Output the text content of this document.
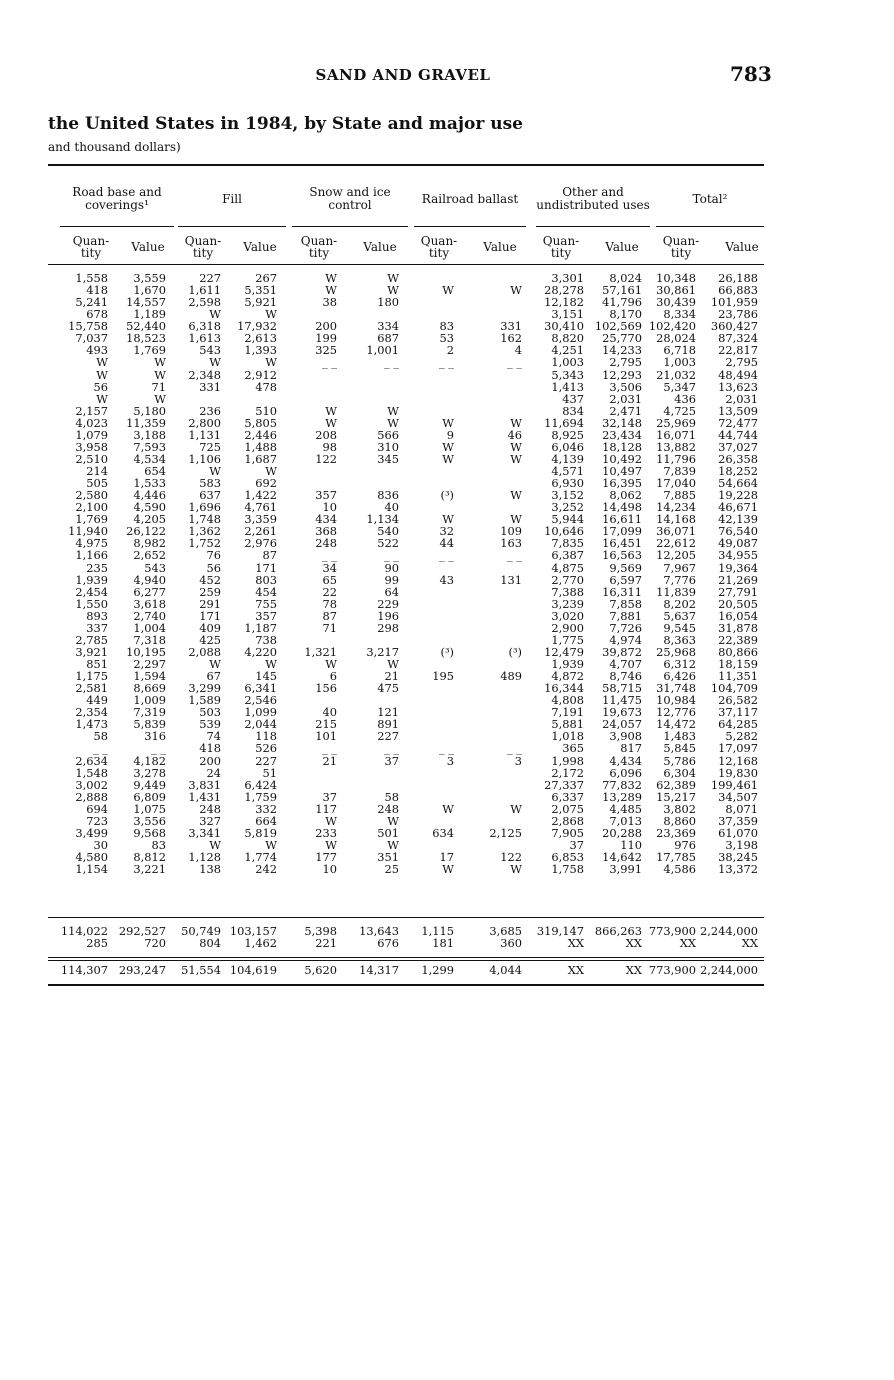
SAND AND GRAVEL	783
the United States in 1984, by State and major use
and thousand dollars)
Road base and coverings¹	Fill	Snow and ice control	Railroad ballast	Other and undistributed uses	Total²
Quan-tity	Value	Quan-tity	Value	Quan-tity	Value	Quan-tity	Value	Quan-tity	Value	Quan-tity	Value
1,558	3,559	227	267	W	W	_ _	_ _	3,301	8,024	10,348	26,188
418	1,670	1,611	5,351	W	W	W	W	28,278	57,161	30,861	66,883
5,241	14,557	2,598	5,921	38	180	_ _	_ _	12,182	41,796	30,439	101,959
678	1,189	W	W	_ _	_ _	_ _	_ _	3,151	8,170	8,334	23,786
15,758	52,440	6,318	17,932	200	334	83	331	30,410	102,569	102,420	360,427
7,037	18,523	1,613	2,613	199	687	53	162	8,820	25,770	28,024	87,324
493	1,769	543	1,393	325	1,001	2	4	4,251	14,233	6,718	22,817
W	W	W	W	_ _	_ _	_ _	_ _	1,003	2,795	1,003	2,795
W	W	2,348	2,912	_ _	_ _	_ _	_ _	5,343	12,293	21,032	48,494
56	71	331	478	_ _	_ _	_ _	_ _	1,413	3,506	5,347	13,623
W	W	_ _	_ _	_ _	_ _	_ _	_ _	437	2,031	436	2,031
2,157	5,180	236	510	W	W	_ _	_ _	834	2,471	4,725	13,509
4,023	11,359	2,800	5,805	W	W	W	W	11,694	32,148	25,969	72,477
1,079	3,188	1,131	2,446	208	566	9	46	8,925	23,434	16,071	44,744
3,958	7,593	725	1,488	98	310	W	W	6,046	18,128	13,882	37,027
2,510	4,534	1,106	1,687	122	345	W	W	4,139	10,492	11,796	26,358
214	654	W	W	_ _	_ _	_ _	_ _	4,571	10,497	7,839	18,252
505	1,533	583	692	_ _	_ _	_ _	_ _	6,930	16,395	17,040	54,664
2,580	4,446	637	1,422	357	836	(³)	W	3,152	8,062	7,885	19,228
2,100	4,590	1,696	4,761	10	40	_ _	_ _	3,252	14,498	14,234	46,671
1,769	4,205	1,748	3,359	434	1,134	W	W	5,944	16,611	14,168	42,139
11,940	26,122	1,362	2,261	368	540	32	109	10,646	17,099	36,071	76,540
4,975	8,982	1,752	2,976	248	522	44	163	7,835	16,451	22,612	49,087
1,166	2,652	76	87	_ _	_ _	_ _	_ _	6,387	16,563	12,205	34,955
235	543	56	171	34	90	_ _	_ _	4,875	9,569	7,967	19,364
1,939	4,940	452	803	65	99	43	131	2,770	6,597	7,776	21,269
2,454	6,277	259	454	22	64	_ _	_ _	7,388	16,311	11,839	27,791
1,550	3,618	291	755	78	229	_ _	_ _	3,239	7,858	8,202	20,505
893	2,740	171	357	87	196	_ _	_ _	3,020	7,881	5,637	16,054
337	1,004	409	1,187	71	298	_ _	_ _	2,900	7,726	9,545	31,878
2,785	7,318	425	738	_ _	_ _	_ _	_ _	1,775	4,974	8,363	22,389
3,921	10,195	2,088	4,220	1,321	3,217	(³)	(³)	12,479	39,872	25,968	80,866
851	2,297	W	W	W	W	_ _	_ _	1,939	4,707	6,312	18,159
1,175	1,594	67	145	6	21	195	489	4,872	8,746	6,426	11,351
2,581	8,669	3,299	6,341	156	475	_ _	_ _	16,344	58,715	31,748	104,709
449	1,009	1,589	2,546	_ _	_ _	_ _	_ _	4,808	11,475	10,984	26,582
2,354	7,319	503	1,099	40	121	_ _	_ _	7,191	19,673	12,776	37,117
1,473	5,839	539	2,044	215	891	_ _	_ _	5,881	24,057	14,472	64,285
58	316	74	118	101	227	_ _	_ _	1,018	3,908	1,483	5,282
_ _	_ _	418	526	_ _	_ _	_ _	_ _	365	817	5,845	17,097
2,634	4,182	200	227	21	37	3	3	1,998	4,434	5,786	12,168
1,548	3,278	24	51	_ _	_ _	_ _	_ _	2,172	6,096	6,304	19,830
3,002	9,449	3,831	6,424	_ _	_ _	_ _	_ _	27,337	77,832	62,389	199,461
2,888	6,809	1,431	1,759	37	58	_ _	_ _	6,337	13,289	15,217	34,507
694	1,075	248	332	117	248	W	W	2,075	4,485	3,802	8,071
723	3,556	327	664	W	W	_ _	_ _	2,868	7,013	8,860	37,359
3,499	9,568	3,341	5,819	233	501	634	2,125	7,905	20,288	23,369	61,070
30	83	W	W	W	W	_ _	_ _	37	110	976	3,198
4,580	8,812	1,128	1,774	177	351	17	122	6,853	14,642	17,785	38,245
1,154	3,221	138	242	10	25	W	W	1,758	3,991	4,586	13,372
114,022	292,527	50,749	103,157	5,398	13,643	1,115	3,685	319,147	866,263	773,900	2,244,000
285	720	804	1,462	221	676	181	360	XX	XX	XX	XX
114,307	293,247	51,554	104,619	5,620	14,317	1,299	4,044	XX	XX	773,900	2,244,000
